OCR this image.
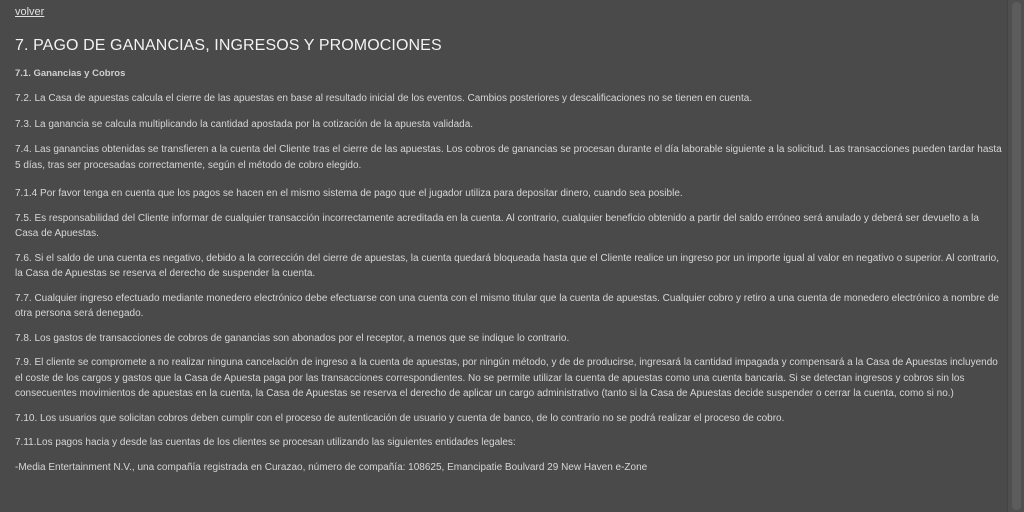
volver
7. PAGO DE GANANCIAS, INGRESOS Y PROMOCIONES
7.1. Ganancias y Cobros

7.2. La Casa de apuestas calcula el cierre de las apuestas en base al resultado inicial de los eventos. Cambios posteriores y descalificaciones no se tienen en cuenta.

7.3. La ganancia se calcula multiplicando la cantidad apostada por la cotización de la apuesta validada.

7.4. Las ganancias obtenidas se transfieren a la cuenta del Cliente tras el cierre de las apuestas. Los cobros de ganancias se procesan durante el día laborable siguiente a la solicitud. Las transacciones pueden tardar hasta 5 días, tras ser procesadas correctamente, según el método de cobro elegido.

7.1.4 Por favor tenga en cuenta que los pagos se hacen en el mismo sistema de pago que el jugador utiliza para depositar dinero, cuando sea posible.

7.5. Es responsabilidad del Cliente informar de cualquier transacción incorrectamente acreditada en la cuenta. Al contrario, cualquier beneficio obtenido a partir del saldo erróneo será anulado y deberá ser devuelto a la Casa de Apuestas.

7.6. Si el saldo de una cuenta es negativo, debido a la corrección del cierre de apuestas, la cuenta quedará bloqueada hasta que el Cliente realice un ingreso por un importe igual al valor en negativo o superior. Al contrario, la Casa de Apuestas se reserva el derecho de suspender la cuenta.

7.7. Cualquier ingreso efectuado mediante monedero electrónico debe efectuarse con una cuenta con el mismo titular que la cuenta de apuestas. Cualquier cobro y retiro a una cuenta de monedero electrónico a nombre de otra persona será denegado.

7.8. Los gastos de transacciones de cobros de ganancias son abonados por el receptor, a menos que se indique lo contrario.

7.9. El cliente se compromete a no realizar ninguna cancelación de ingreso a la cuenta de apuestas, por ningún método, y de de producirse, ingresará la cantidad impagada y compensará a la Casa de Apuestas incluyendo el coste de los cargos y gastos que la Casa de Apuesta paga por las transacciones correspondientes. No se permite utilizar la cuenta de apuestas como una cuenta bancaria. Si se detectan ingresos y cobros sin los consecuentes movimientos de apuestas en la cuenta, la Casa de Apuestas se reserva el derecho de aplicar un cargo administrativo (tanto si la Casa de Apuestas decide suspender o cerrar la cuenta, como si no.)

7.10. Los usuarios que solicitan cobros deben cumplir con el proceso de autenticación de usuario y cuenta de banco, de lo contrario no se podrá realizar el proceso de cobro.

7.11.Los pagos hacia y desde las cuentas de los clientes se procesan utilizando las siguientes entidades legales:

-Media Entertainment N.V., una compañía registrada en Curazao, número de compañía: 108625, Emancipatie Boulvard 29 New Haven e-Zone
